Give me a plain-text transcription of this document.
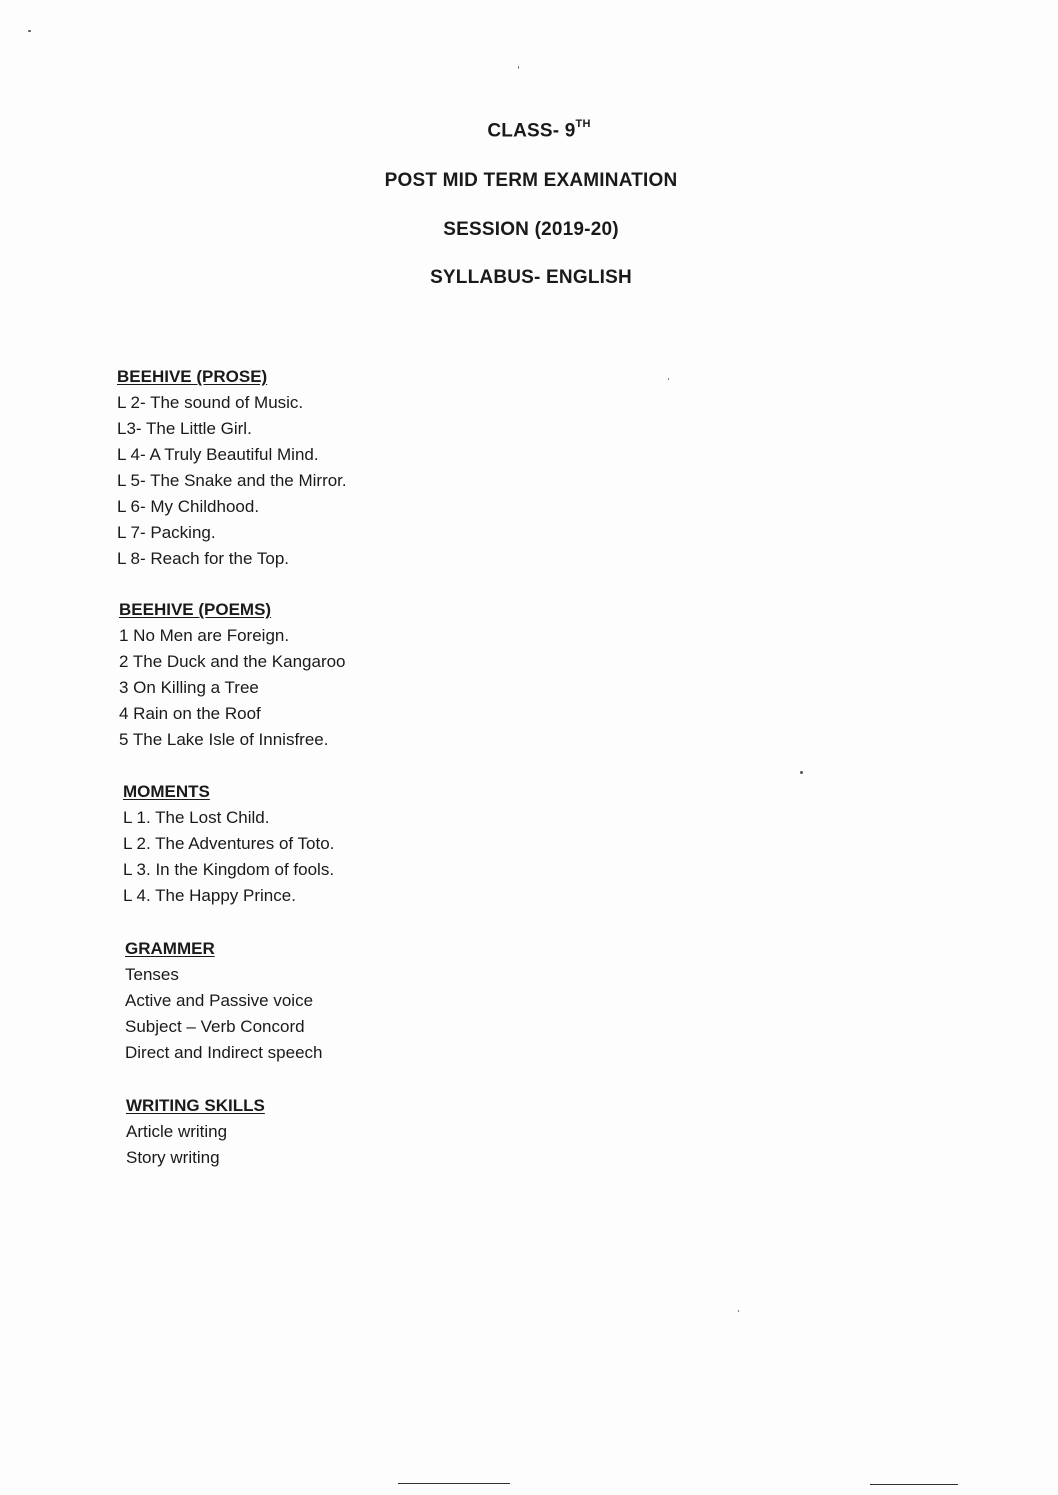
CLASS- 9TH
POST MID TERM EXAMINATION
SESSION (2019-20)
SYLLABUS- ENGLISH
BEEHIVE (PROSE)
L 2- The sound of Music.
L3- The Little Girl.
L 4- A Truly Beautiful Mind.
L 5- The Snake and the Mirror.
L 6- My Childhood.
L 7- Packing.
L 8- Reach for the Top.
BEEHIVE (POEMS)
1 No Men are Foreign.
2 The Duck and the Kangaroo
3 On Killing a Tree
4 Rain on the Roof
5 The Lake Isle of Innisfree.
MOMENTS
L 1. The Lost Child.
L 2. The Adventures of Toto.
L 3. In the Kingdom of fools.
L 4. The Happy Prince.
GRAMMER
Tenses
Active and Passive voice
Subject – Verb Concord
Direct and Indirect speech
WRITING SKILLS
Article writing
Story writing
